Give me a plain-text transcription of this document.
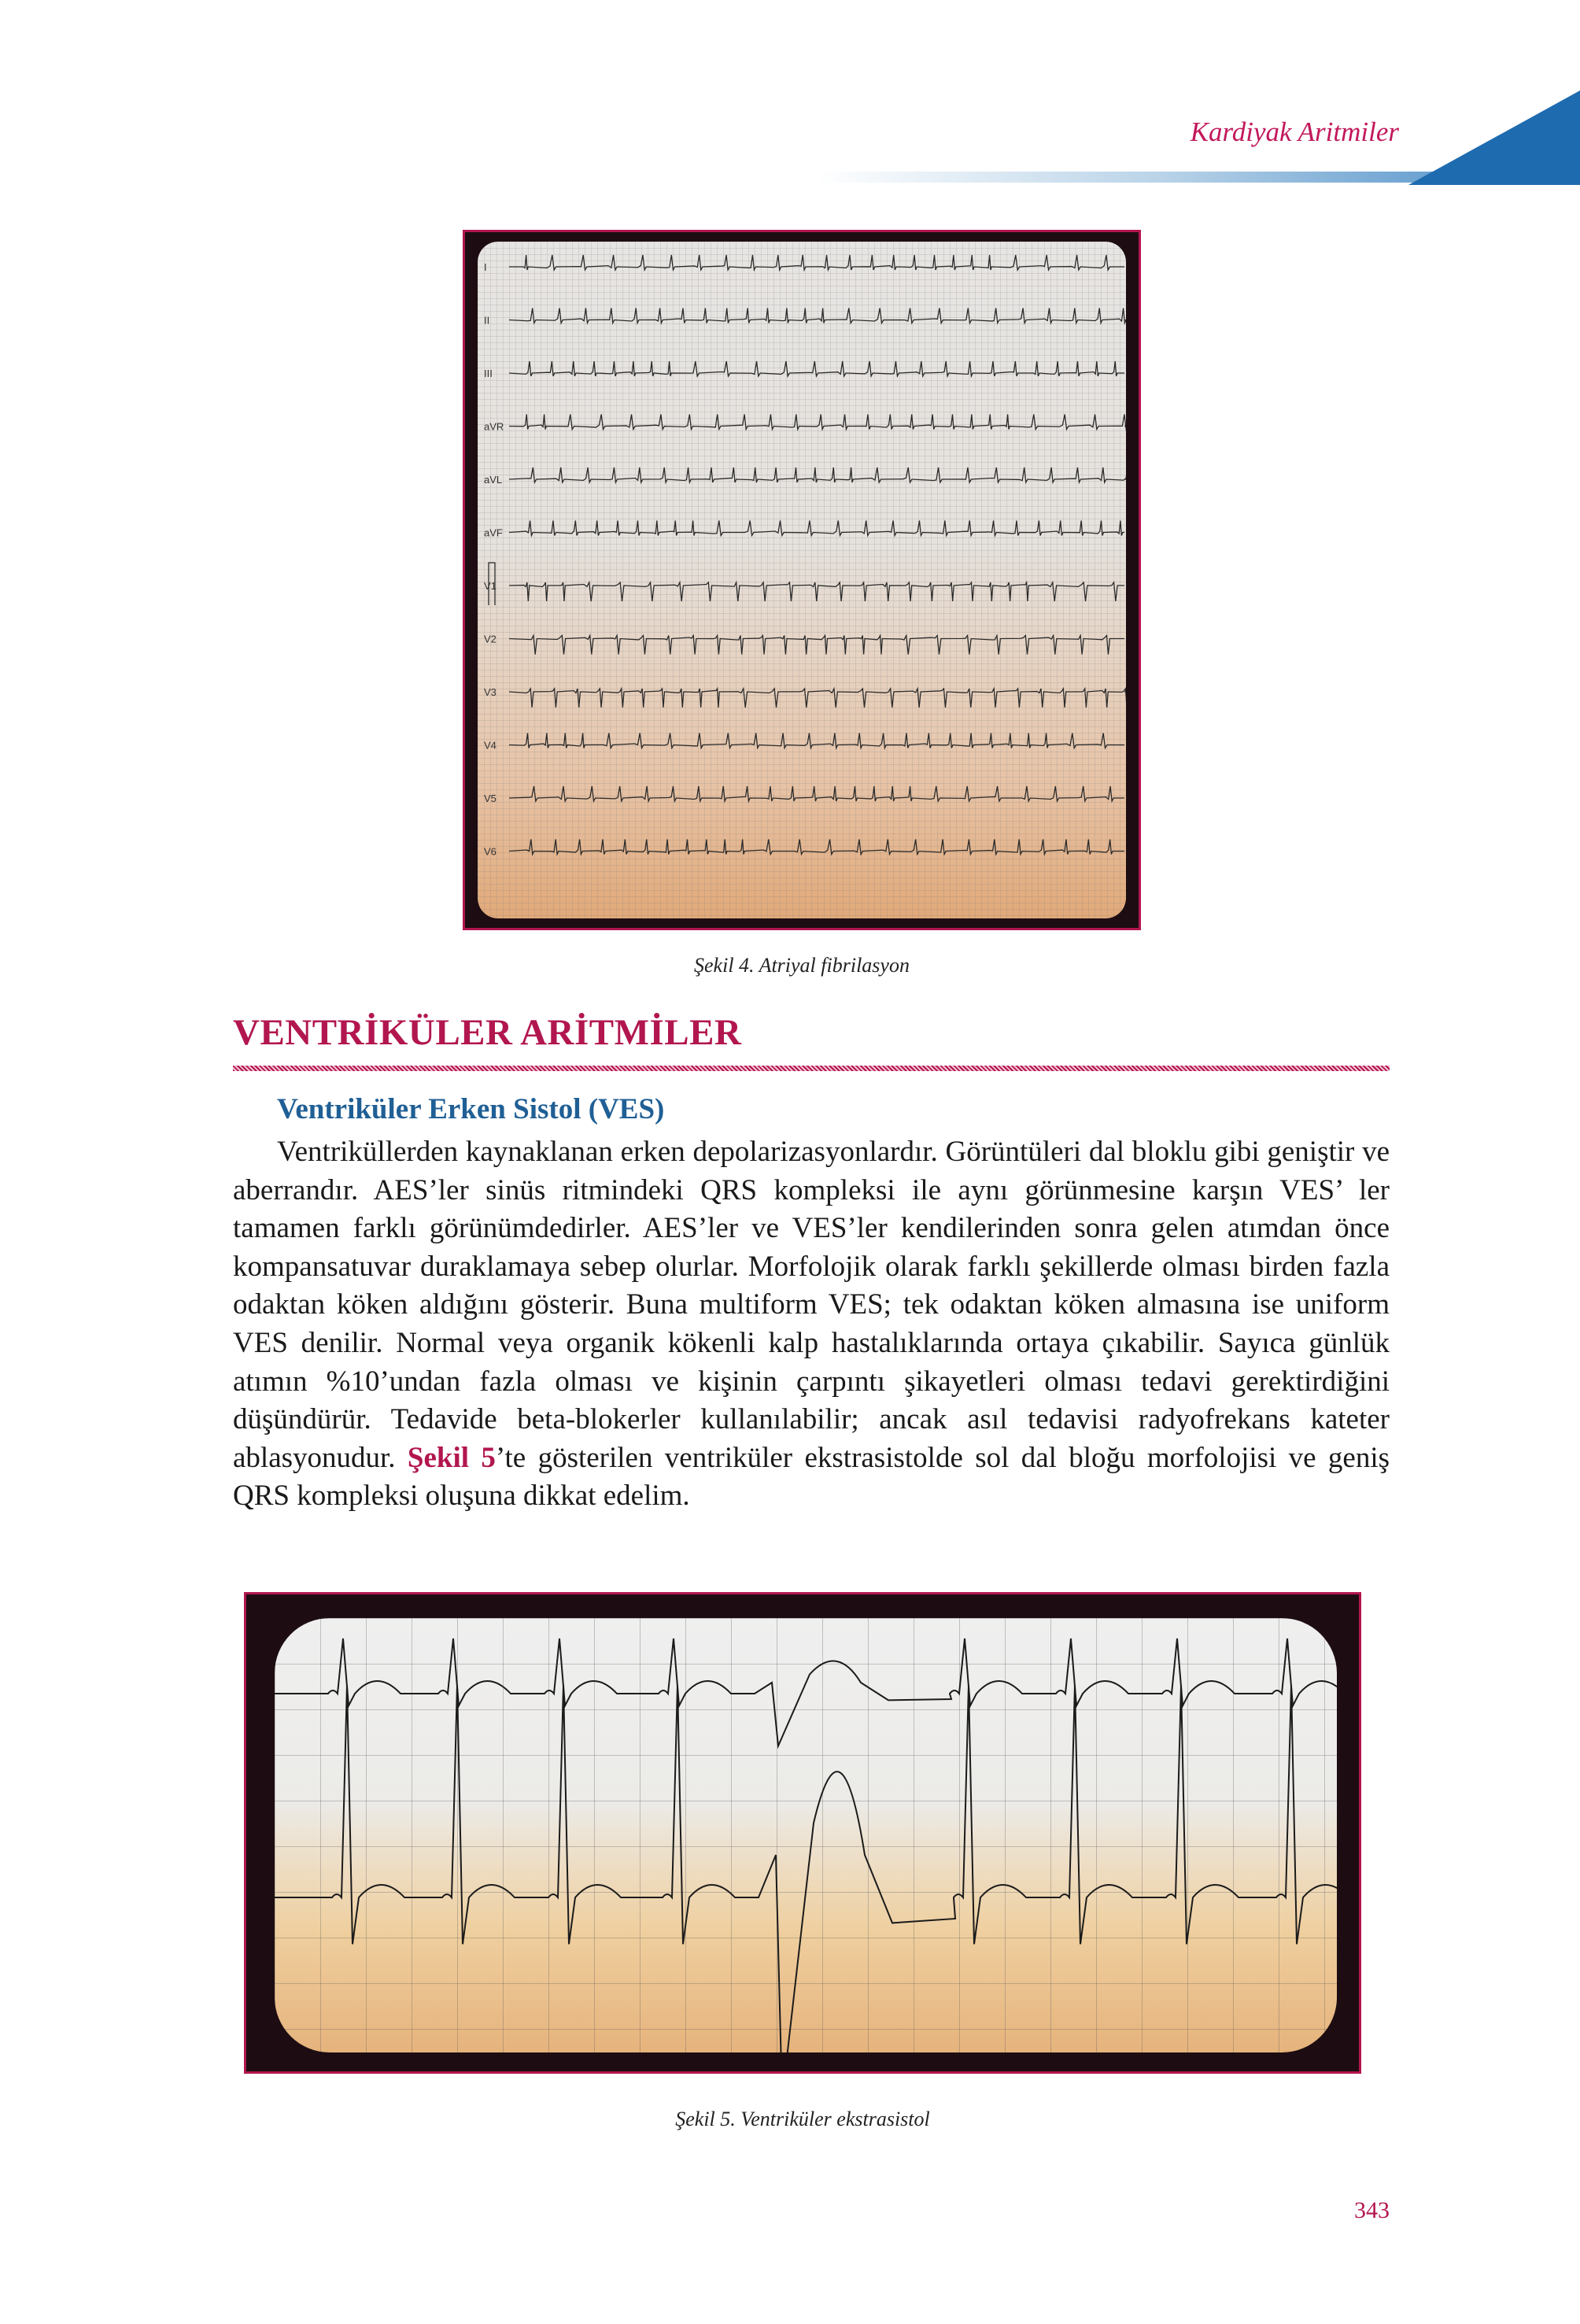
Kardiyak Aritmiler
I
II
III
aVR
aVL
aVF
V1
V2
V3
V4
V5
V6
Şekil 4. Atriyal fibrilasyon
VENTRİKÜLER ARİTMİLER
Ventriküler Erken Sistol (VES)

Ventriküllerden kaynaklanan erken depolarizasyonlardır. Görüntüleri dal bloklu gibi geniştir ve aberrandır. AES’ler sinüs ritmindeki QRS kompleksi ile aynı görünmesine karşın VES’ ler tamamen farklı görünümdedirler. AES’ler ve VES’ler kendilerinden sonra gelen atımdan önce kompansatuvar duraklamaya sebep olurlar. Morfolojik olarak farklı şekillerde olması birden fazla odaktan köken aldığını gösterir. Buna multiform VES; tek odaktan köken almasına ise uniform VES denilir. Normal veya organik kökenli kalp hastalıklarında ortaya çıkabilir. Sayıca günlük atımın %10’undan fazla olması ve kişinin çarpıntı şikayetleri olması tedavi gerektirdiğini düşündürür. Tedavide beta-blokerler kullanılabilir; ancak asıl tedavisi radyofrekans kateter ablasyonudur. Şekil 5’te gösterilen ventriküler ekstrasistolde sol dal bloğu morfolojisi ve geniş QRS kompleksi oluşuna dikkat edelim.

Şekil 5. Ventriküler ekstrasistol
343
